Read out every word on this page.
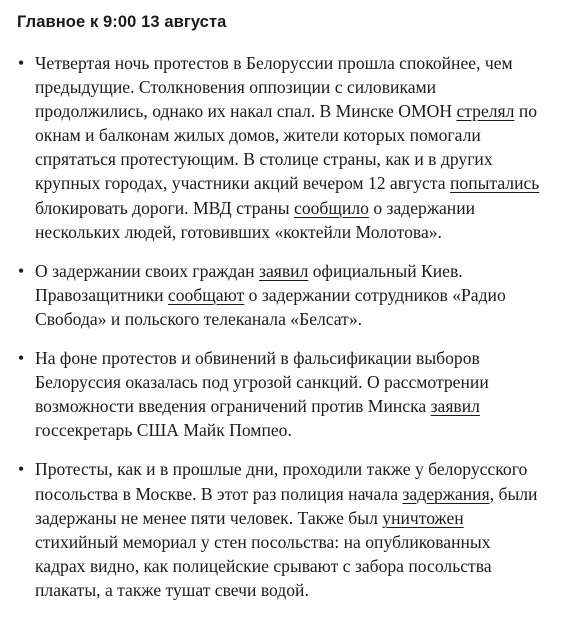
Главное к 9:00 13 августа
• Четвертая ночь протестов в Белоруссии прошла спокойнее, чем предыдущие. Столкновения оппозиции с силовиками продолжились, однако их накал спал. В Минске ОМОН стрелял по окнам и балконам жилых домов, жители которых помогали спрятаться протестующим. В столице страны, как и в других крупных городах, участники акций вечером 12 августа попытались блокировать дороги. МВД страны сообщило о задержании нескольких людей, готовивших «коктейли Молотова».
• О задержании своих граждан заявил официальный Киев. Правозащитники сообщают о задержании сотрудников «Радио Свобода» и польского телеканала «Белсат».
• На фоне протестов и обвинений в фальсификации выборов Белоруссия оказалась под угрозой санкций. О рассмотрении возможности введения ограничений против Минска заявил госсекретарь США Майк Помпео.
• Протесты, как и в прошлые дни, проходили также у белорусского посольства в Москве. В этот раз полиция начала задержания, были задержаны не менее пяти человек. Также был уничтожен стихийный мемориал у стен посольства: на опубликованных кадрах видно, как полицейские срывают с забора посольства плакаты, а также тушат свечи водой.
